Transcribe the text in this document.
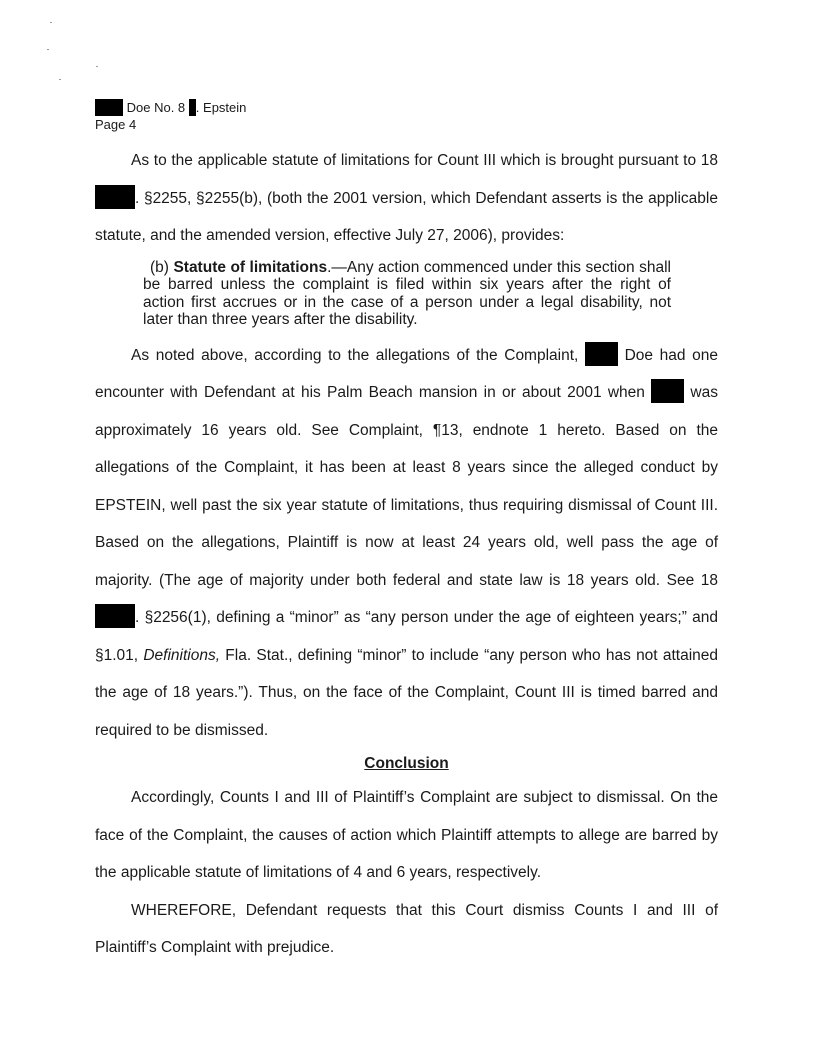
Doe No. 8 . Epstein
Page 4

As to the applicable statute of limitations for Count III which is brought pursuant to 18 . §2255, §2255(b), (both the 2001 version, which Defendant asserts is the applicable statute, and the amended version, effective July 27, 2006), provides:

(b) Statute of limitations.—Any action commenced under this section shall be barred unless the complaint is filed within six years after the right of action first accrues or in the case of a person under a legal disability, not later than three years after the disability.

As noted above, according to the allegations of the Complaint,	Doe had one encounter with Defendant at his Palm Beach mansion in or about 2001 when	was approximately 16 years old. See Complaint, ¶13, endnote 1 hereto. Based on the allegations of the Complaint, it has been at least 8 years since the alleged conduct by EPSTEIN, well past the six year statute of limitations, thus requiring dismissal of Count III. Based on the allegations, Plaintiff is now at least 24 years old, well pass the age of majority. (The age of majority under both federal and state law is 18 years old. See 18 . §2256(1), defining a “minor” as “any person under the age of eighteen years;” and §1.01, Definitions, Fla. Stat., defining “minor” to include “any person who has not attained the age of 18 years.”). Thus, on the face of the Complaint, Count III is timed barred and required to be dismissed.

Conclusion

Accordingly, Counts I and III of Plaintiff’s Complaint are subject to dismissal. On the face of the Complaint, the causes of action which Plaintiff attempts to allege are barred by the applicable statute of limitations of 4 and 6 years, respectively.

WHEREFORE, Defendant requests that this Court dismiss Counts I and III of Plaintiff’s Complaint with prejudice.
